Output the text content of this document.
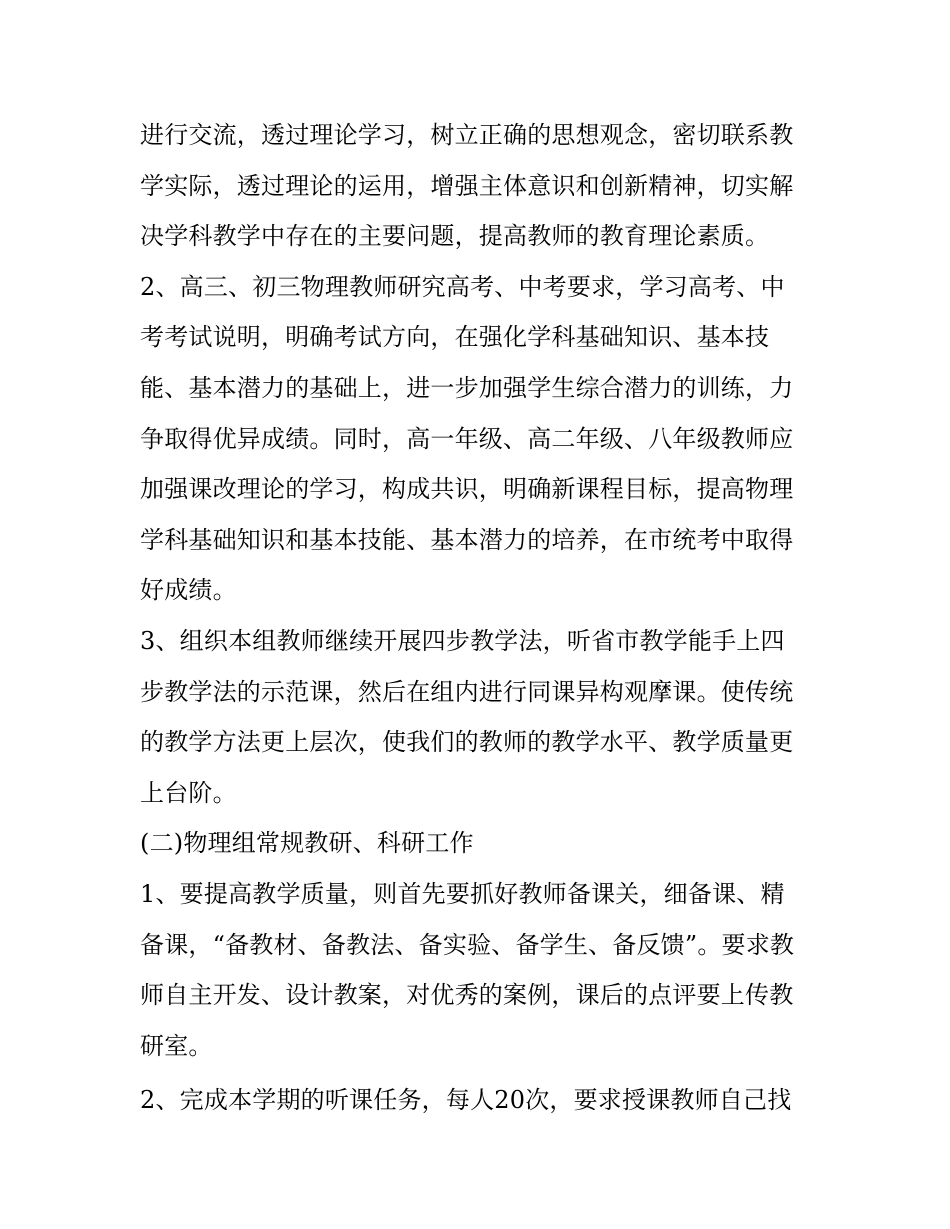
进行交流，透过理论学习，树立正确的思想观念，密切联系教
学实际，透过理论的运用，增强主体意识和创新精神，切实解
决学科教学中存在的主要问题，提高教师的教育理论素质。
2、高三、初三物理教师研究高考、中考要求，学习高考、中
考考试说明，明确考试方向，在强化学科基础知识、基本技
能、基本潜力的基础上，进一步加强学生综合潜力的训练，力
争取得优异成绩。同时，高一年级、高二年级、八年级教师应
加强课改理论的学习，构成共识，明确新课程目标，提高物理
学科基础知识和基本技能、基本潜力的培养，在市统考中取得
好成绩。
3、组织本组教师继续开展四步教学法，听省市教学能手上四
步教学法的示范课，然后在组内进行同课异构观摩课。使传统
的教学方法更上层次，使我们的教师的教学水平、教学质量更
上台阶。
(二)物理组常规教研、科研工作
1、要提高教学质量，则首先要抓好教师备课关，细备课、精
备课，“备教材、备教法、备实验、备学生、备反馈”。要求教
师自主开发、设计教案，对优秀的案例，课后的点评要上传教
研室。
2、完成本学期的听课任务，每人20次，要求授课教师自己找
